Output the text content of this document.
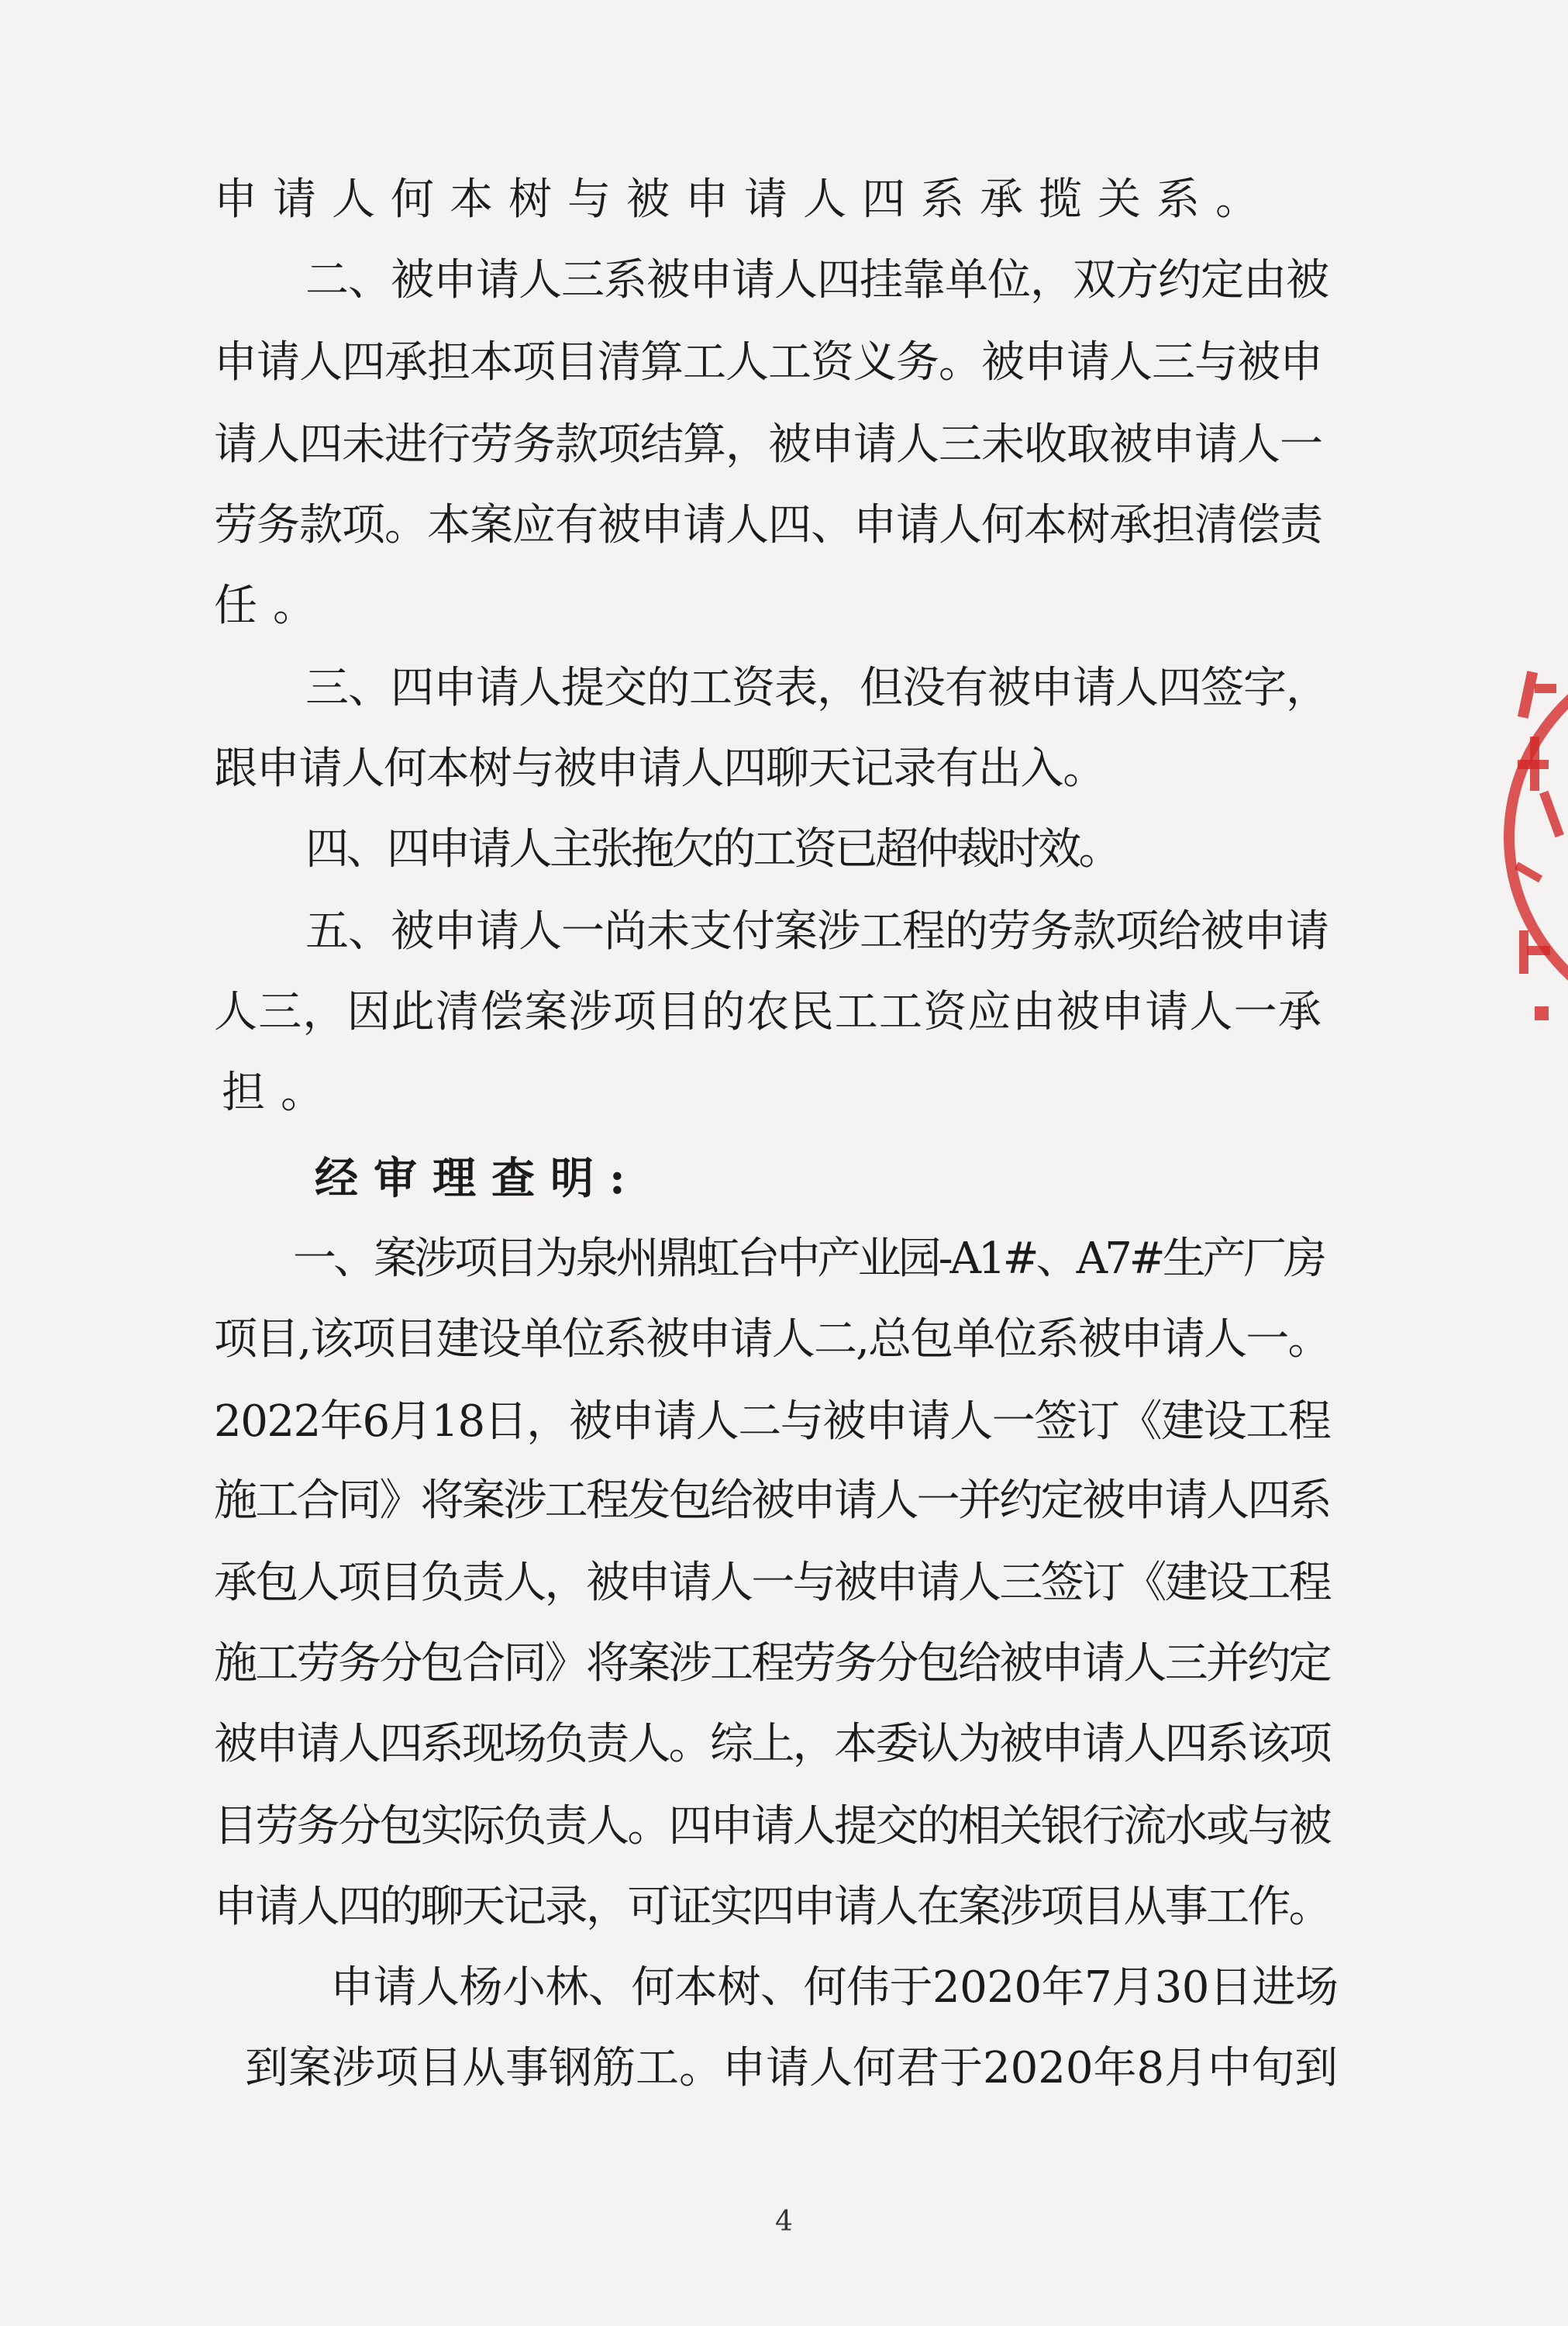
申请人何本树与被申请人四系承揽关系。
二、被申请人三系被申请人四挂靠单位，双方约定由被
申请人四承担本项目清算工人工资义务。被申请人三与被申
请人四未进行劳务款项结算，被申请人三未收取被申请人一
劳务款项。本案应有被申请人四、申请人何本树承担清偿责
任。
三、四申请人提交的工资表，但没有被申请人四签字，
跟申请人何本树与被申请人四聊天记录有出入。
四、四申请人主张拖欠的工资已超仲裁时效。
五、被申请人一尚未支付案涉工程的劳务款项给被申请
人三，因此清偿案涉项目的农民工工资应由被申请人一承
担。
经审理查明:
一、案涉项目为泉州鼎虹台中产业园-A1#、A7#生产厂房
项目,该项目建设单位系被申请人二,总包单位系被申请人一。
2022年6月18日，被申请人二与被申请人一签订《建设工程
施工合同》将案涉工程发包给被申请人一并约定被申请人四系
承包人项目负责人，被申请人一与被申请人三签订《建设工程
施工劳务分包合同》将案涉工程劳务分包给被申请人三并约定
被申请人四系现场负责人。综上，本委认为被申请人四系该项
目劳务分包实际负责人。四申请人提交的相关银行流水或与被
申请人四的聊天记录，可证实四申请人在案涉项目从事工作。
申请人杨小林、何本树、何伟于2020年7月30日进场
到案涉项目从事钢筋工。申请人何君于2020年8月中旬到
4
